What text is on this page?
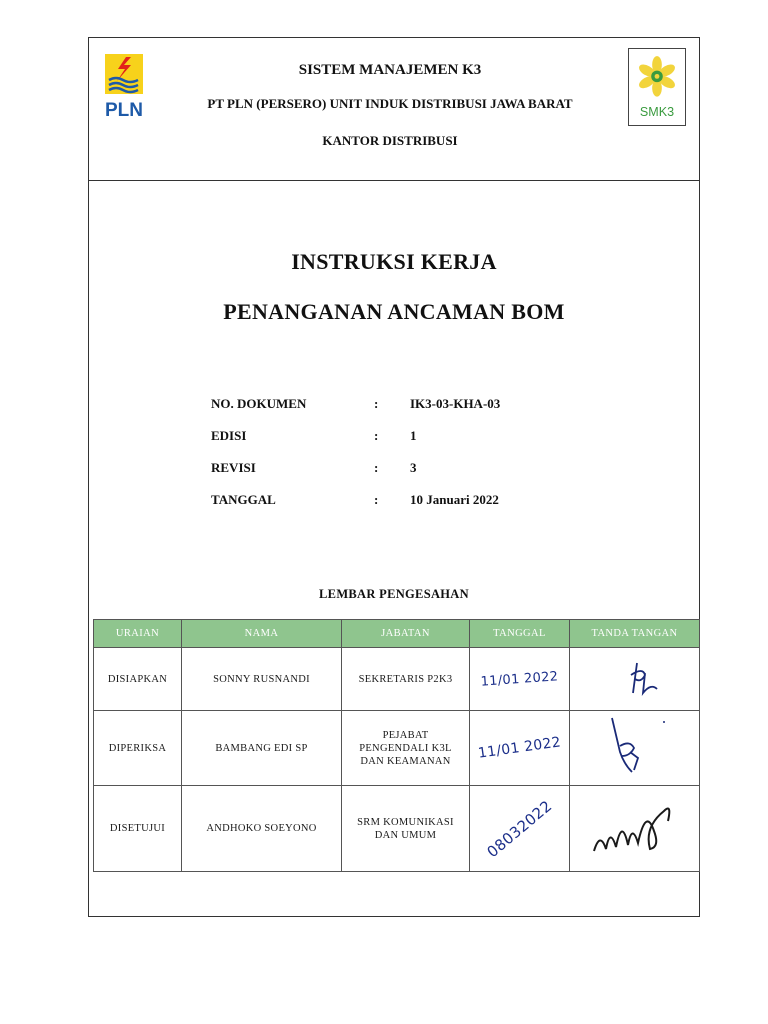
PLN	SMK3
SISTEM MANAJEMEN K3
PT PLN (PERSERO) UNIT INDUK DISTRIBUSI JAWA BARAT
KANTOR DISTRIBUSI
INSTRUKSI KERJA
PENANGANAN ANCAMAN BOM
NO. DOKUMEN	:	IK3-03-KHA-03
EDISI	:	1
REVISI	:	3
TANGGAL	:	10 Januari 2022
LEMBAR PENGESAHAN
URAIAN	NAMA	JABATAN	TANGGAL	TANDA TANGAN
DISIAPKAN	SONNY RUSNANDI	SEKRETARIS P2K3	11/01 2022

DIPERIKSA	BAMBANG EDI SP	PEJABAT
PENGENDALI K3L
DAN KEAMANAN	11/01 2022

DISETUJUI	ANDHOKO SOEYONO	SRM KOMUNIKASI
DAN UMUM	08032022
